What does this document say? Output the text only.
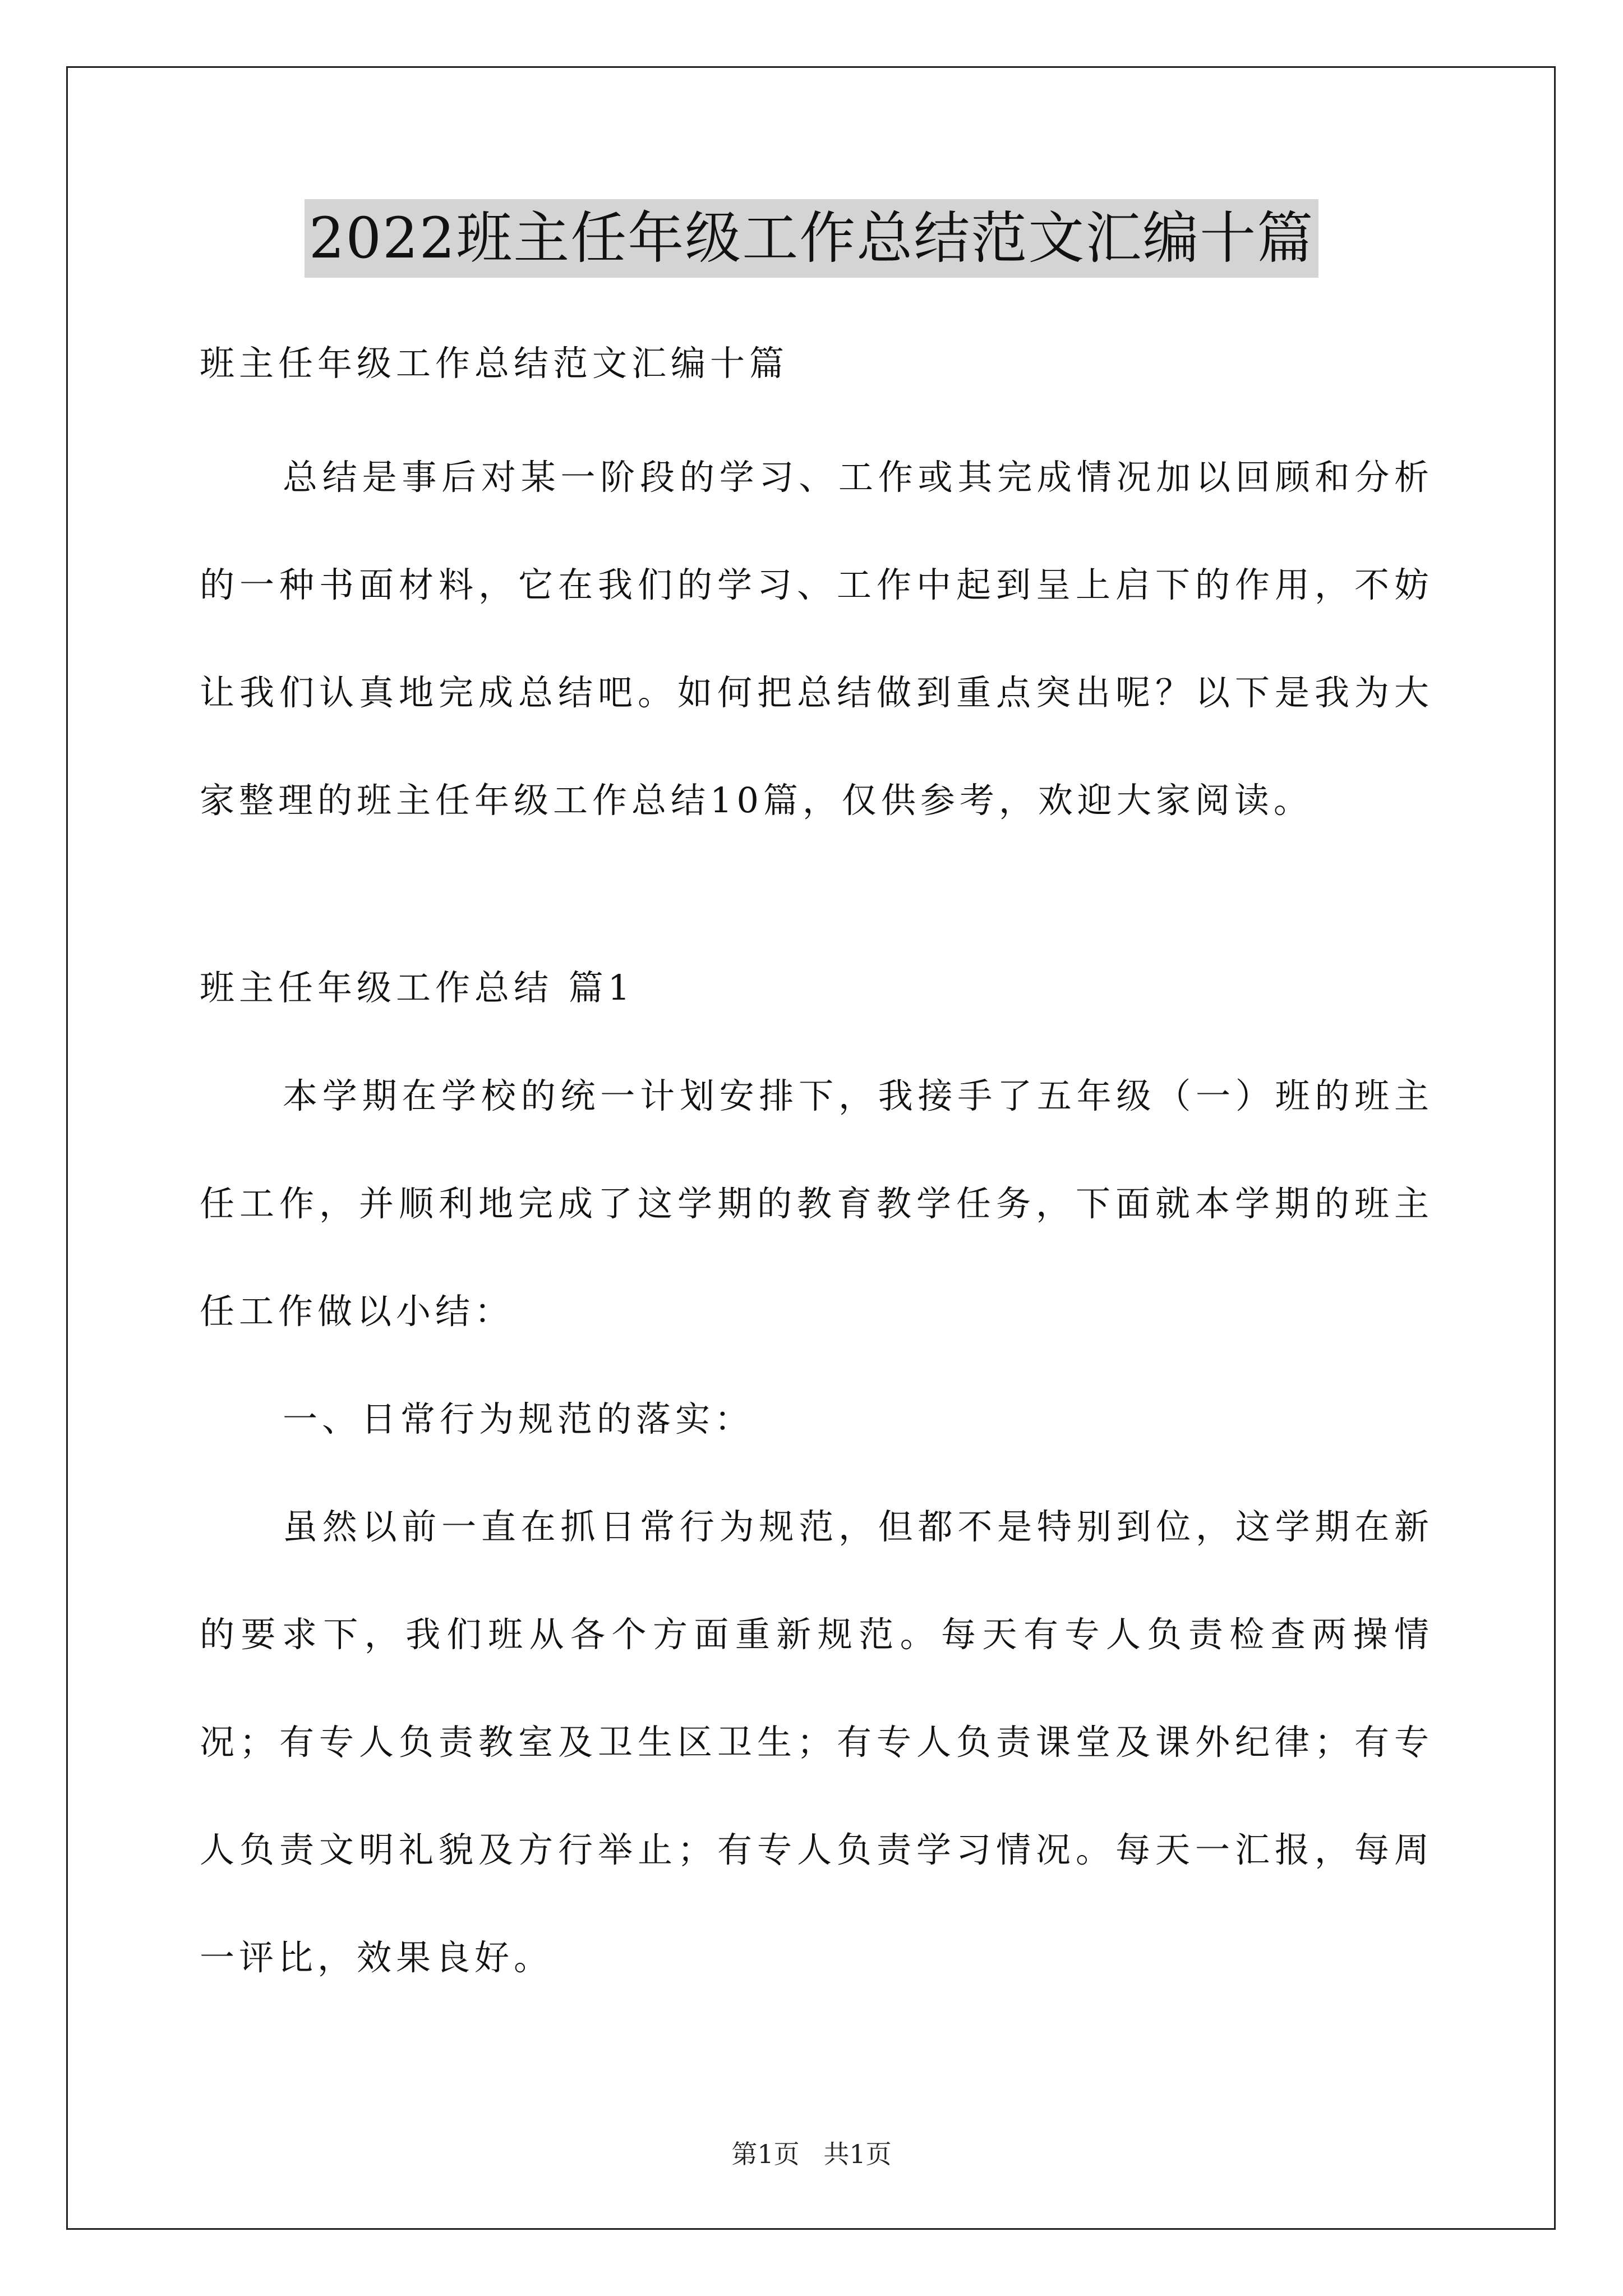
2022班主任年级工作总结范文汇编十篇
班主任年级工作总结范文汇编十篇

总结是事后对某一阶段的学习、工作或其完成情况加以回顾和分析的一种书面材料，它在我们的学习、工作中起到呈上启下的作用，不妨让我们认真地完成总结吧。如何把总结做到重点突出呢？以下是我为大家整理的班主任年级工作总结10篇，仅供参考，欢迎大家阅读。

班主任年级工作总结 篇1

本学期在学校的统一计划安排下，我接手了五年级（一）班的班主任工作，并顺利地完成了这学期的教育教学任务，下面就本学期的班主任工作做以小结：

一、日常行为规范的落实：

虽然以前一直在抓日常行为规范，但都不是特别到位，这学期在新的要求下，我们班从各个方面重新规范。每天有专人负责检查两操情况；有专人负责教室及卫生区卫生；有专人负责课堂及课外纪律；有专人负责文明礼貌及方行举止；有专人负责学习情况。每天一汇报，每周一评比，效果良好。

第1页 共1页
